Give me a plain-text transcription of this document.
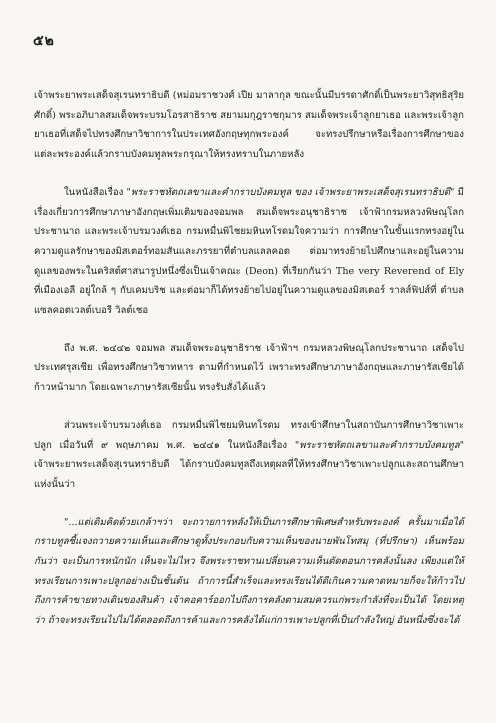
๕๒

เจ้าพระยาพระเสด็จสุเรนทราธิบดี (หม่อมราชวงศ์ เปีย มาลากุล ขณะนั้นมีบรรดาศักดิ์เป็นพระยาวิสุทธิสุริยศักดิ์) พระอภิบาลสมเด็จพระบรมโอรสาธิราช สยามมกุฎราชกุมาร สมเด็จพระเจ้าลูกยาเธอ และพระเจ้าลูกยาเธอที่เสด็จไปทรงศึกษาวิชาการในประเทศอังกฤษทุกพระองค์ จะทรงปรึกษาหรือเรื่องการศึกษาของแต่ละพระองค์แล้วกราบบังคมทูลพระกรุณาให้ทรงทราบในภายหลัง

ในหนังสือเรื่อง "พระราชหัตถเลขาและคำกราบบังคมทูล ของ เจ้าพระยาพระเสด็จสุเรนทราธิบดี" มีเรื่องเกี่ยวการศึกษาภาษาอังกฤษเพิ่มเติมของจอมพล สมเด็จพระอนุชาธิราช เจ้าฟ้ากรมหลวงพิษณุโลกประชานาถ และพระเจ้าบรมวงศ์เธอ กรมหมื่นพิไชยมหินทโรดมใจความว่า การศึกษาในขั้นแรกทรงอยู่ในความดูแลรักษาของมิสเตอร์ทอมสันและภรรยาที่ตำบลแลลคอต ต่อมาทรงย้ายไปศึกษาและอยู่ในความดูแลของพระในคริสต์ศาสนารูปหนึ่งซึ่งเป็นเจ้าคณะ (Deon) ที่เรียกกันว่า The very Reverend of Ely ที่เมืองเอลี อยู่ใกล้ ๆ กับเคมบริช และต่อมาก็ได้ทรงย้ายไปอยู่ในความดูแลของมิสเตอร์ ราลส์ฟิปส์ที่ ตำบลแซลคอตเวลต์เบอรี วิลต์เชอ

ถึง พ.ศ. ๒๔๔๒ จอมพล สมเด็จพระอนุชาธิราช เจ้าฟ้าฯ กรมหลวงพิษณุโลกประชานาถ เสด็จไปประเทศรุสเซีย เพื่อทรงศึกษาวิชาทหาร ตามที่กำหนดไว้ เพราะทรงศึกษาภาษาอังกฤษและภาษารัสเซียได้ก้าวหน้ามาก โดยเฉพาะภาษารัสเซียนั้น ทรงรับสั่งได้แล้ว

ส่วนพระเจ้าบรมวงศ์เธอ กรมหมื่นพิไชยมหินทโรดม ทรงเข้าศึกษาในสถาบันการศึกษาวิชาเพาะปลูก เมื่อวันที่ ๙ พฤษภาคม พ.ศ. ๒๔๔๑ ในหนังสือเรื่อง "พระราชหัตถเลขาและคำกราบบังคมทูล" เจ้าพระยาพระเสด็จสุเรนทราธิบดี ได้กราบบังคมทูลถึงเหตุผลที่ให้ทรงศึกษาวิชาเพาะปลูกและสถานศึกษาแห่งนั้นว่า

"...แต่เดิมคิดด้วยเกล้าฯว่า จะถวายการหลังให้เป็นการศึกษาพิเศษสำหรับพระองค์ ครั้นมาเมื่อได้กราบทูลชี้แจงถวายความเห็นและศึกษาดูทั้งประกอบกับความเห็นของนายพันโทสมุ (ที่ปรึกษา) เห็นพร้อมกันว่า จะเป็นการหนักนัก เห็นจะไม่ไหว จึงพระราชทานเปลี่ยนความเห็นตัดตอนการคลังนั้นลง เพียงแต่ให้ทรงเรียนการเพาะปลูกอย่างเป็นชั้นต้น ถ้าการนี้สำเร็จและทรงเรียนได้ดีเกินความคาดหมายก็จะให้ก้าวไปถึงการค้าขายทางเดินของสินค้า เจ้าคอคาร์ออกไปถึงการคลังตามสมควรแก่พระกำลังที่จะเป็นได้ โดยเหตุว่า ถ้าจะทรงเรียนไปไม่ได้ตลอดถึงการค้าและการคลังได้แก่การเพาะปลูกที่เป็นกำลังใหญ่ อันหนึ่งซึ่งจะได้
